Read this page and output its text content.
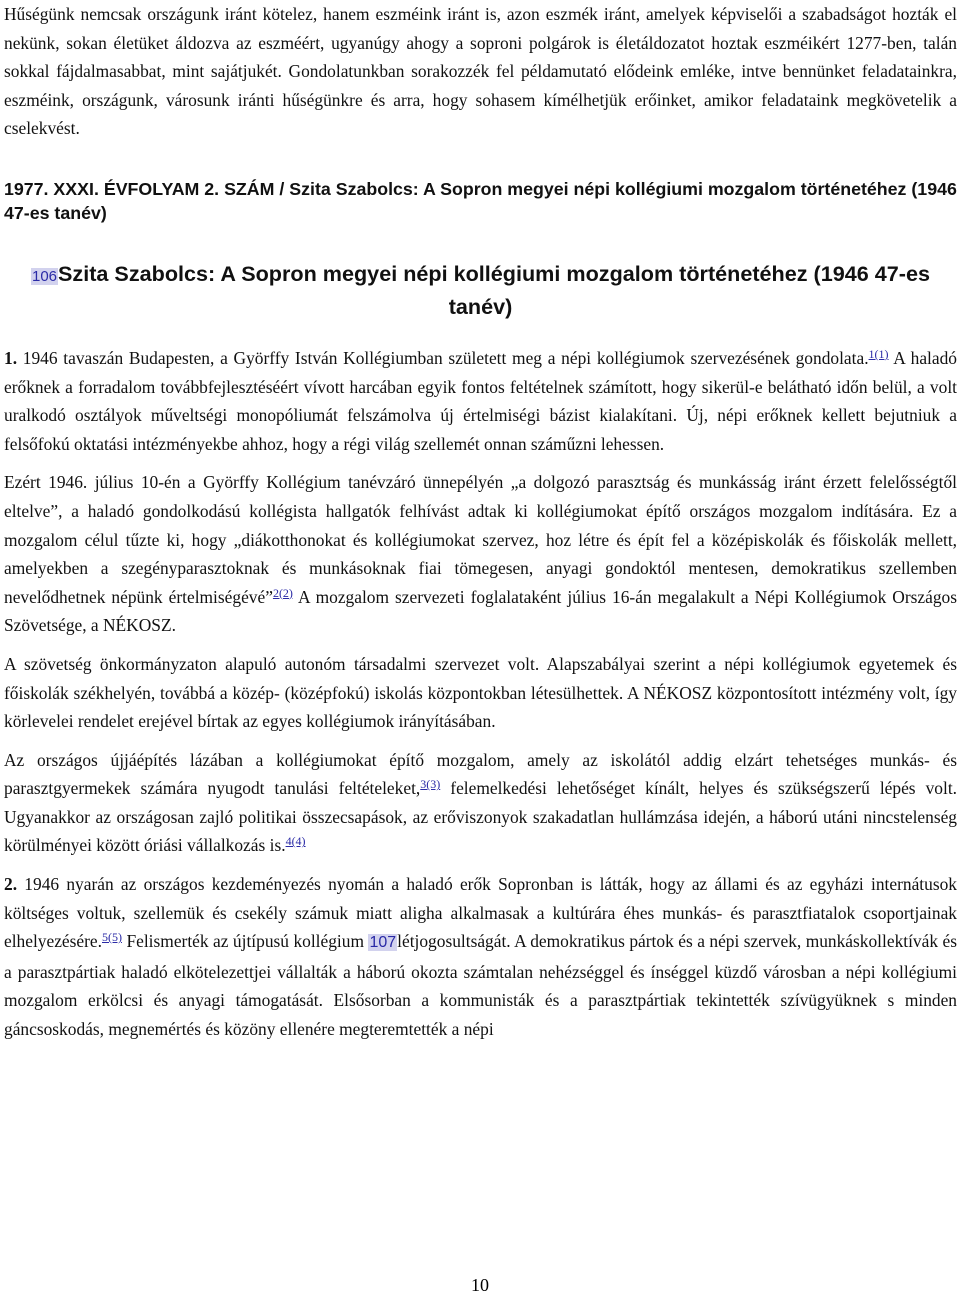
Hűségünk nemcsak országunk iránt kötelez, hanem eszméink iránt is, azon eszmék iránt, amelyek képviselői a szabadságot hozták el nekünk, sokan életüket áldozva az eszméért, ugyanúgy ahogy a soproni polgárok is életáldozatot hoztak eszméikért 1277-ben, talán sokkal fájdalmasabbat, mint sajátjukét. Gondolatunkban sorakozzék fel példamutató elődeink emléke, intve bennünket feladatainkra, eszméink, országunk, városunk iránti hűségünkre és arra, hogy sohasem kímélhetjük erőinket, amikor feladataink megkövetelik a cselekvést.

1977. XXXI. ÉVFOLYAM 2. SZÁM / Szita Szabolcs: A Sopron megyei népi kollégiumi mozgalom történetéhez (1946 47-es tanév)
106Szita Szabolcs: A Sopron megyei népi kollégiumi mozgalom történetéhez (1946 47-es tanév)

1. 1946 tavaszán Budapesten, a Györffy István Kollégiumban született meg a népi kollégiumok szervezésének gondolata.$^{1(1)}$ A haladó erőknek a forradalom továbbfejlesztéséért vívott harcában egyik fontos feltételnek számított, hogy sikerül-e belátható időn belül, a volt uralkodó osztályok műveltségi monopóliumát felszámolva új értelmiségi bázist kialakítani. Új, népi erőknek kellett bejutniuk a felsőfokú oktatási intézményekbe ahhoz, hogy a régi világ szellemét onnan száműzni lehessen.

Ezért 1946. július 10-én a Györffy Kollégium tanévzáró ünnepélyén „a dolgozó parasztság és munkásság iránt érzett felelősségtől eltelve”, a haladó gondolkodású kollégista hallgatók felhívást adtak ki kollégiumokat építő országos mozgalom indítására. Ez a mozgalom célul tűzte ki, hogy „diákotthonokat és kollégiumokat szervez, hoz létre és épít fel a középiskolák és főiskolák mellett, amelyekben a szegényparasztoknak és munkásoknak fiai tömegesen, anyagi gondoktól mentesen, demokratikus szellemben nevelődhetnek népünk értelmiségévé”$^{2(2)}$ A mozgalom szervezeti foglalataként július 16-án megalakult a Népi Kollégiumok Országos Szövetsége, a NÉKOSZ.

A szövetség önkormányzaton alapuló autonóm társadalmi szervezet volt. Alapszabályai szerint a népi kollégiumok egyetemek és főiskolák székhelyén, továbbá a közép- (középfokú) iskolás központokban létesülhettek. A NÉKOSZ központosított intézmény volt, így körlevelei rendelet erejével bírtak az egyes kollégiumok irányításában.

Az országos újjáépítés lázában a kollégiumokat építő mozgalom, amely az iskolától addig elzárt tehetséges munkás- és parasztgyermekek számára nyugodt tanulási feltételeket,$^{3(3)}$ felemelkedési lehetőséget kínált, helyes és szükségszerű lépés volt. Ugyanakkor az országosan zajló politikai összecsapások, az erőviszonyok szakadatlan hullámzása idején, a háború utáni nincstelenség körülményei között óriási vállalkozás is.$^{4(4)}$

2. 1946 nyarán az országos kezdeményezés nyomán a haladó erők Sopronban is látták, hogy az állami és az egyházi internátusok költséges voltuk, szellemük és csekély számuk miatt aligha alkalmasak a kultúrára éhes munkás- és parasztfiatalok csoportjainak elhelyezésére.$^{5(5)}$ Felismerték az újtípusú kollégium 107létjogosultságát. A demokratikus pártok és a népi szervek, munkáskollektívák és a parasztpártiak haladó elkötelezettjei vállalták a háború okozta számtalan nehézséggel és ínséggel küzdő városban a népi kollégiumi mozgalom erkölcsi és anyagi támogatását. Elsősorban a kommunisták és a parasztpártiak tekintették szívügyüknek s minden gáncsoskodás, megnemértés és közöny ellenére megteremtették a népi

10
